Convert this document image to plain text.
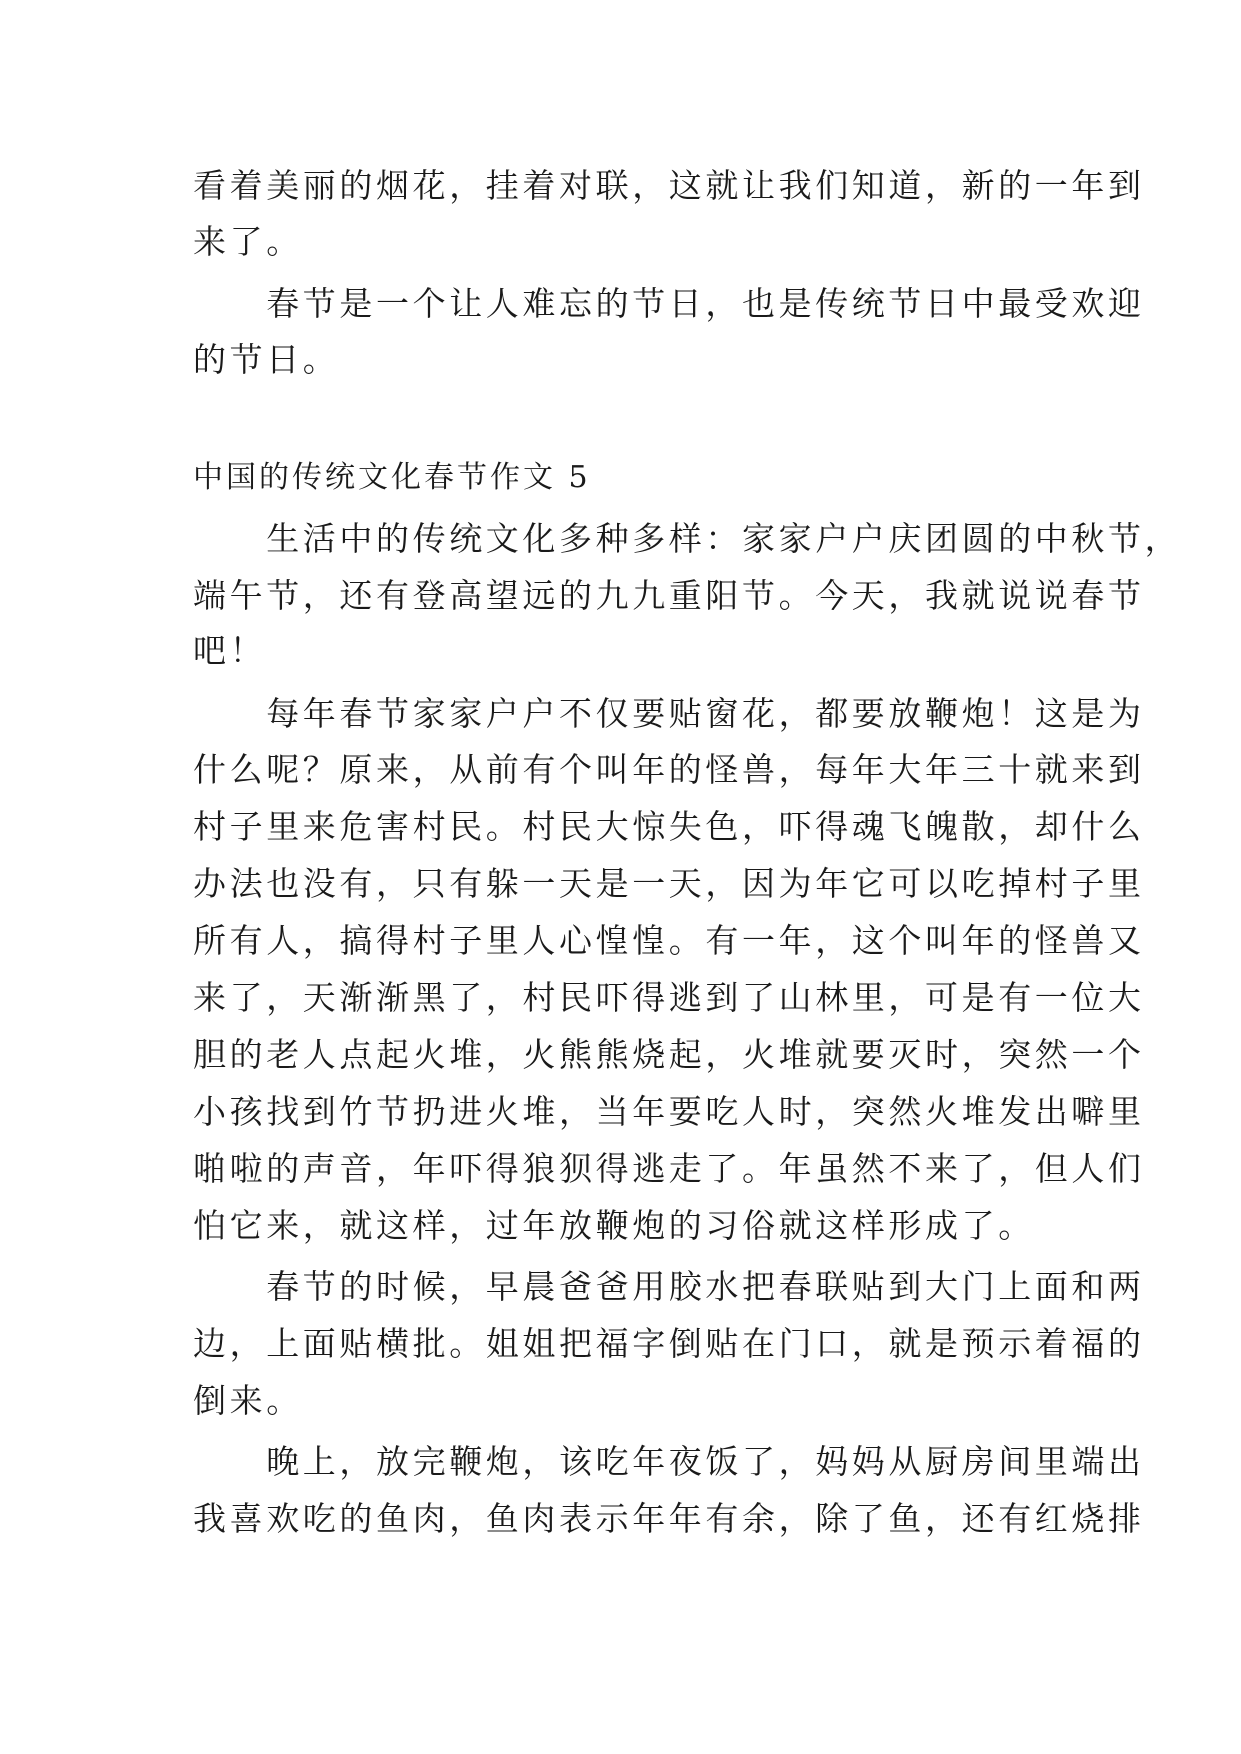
看着美丽的烟花，挂着对联，这就让我们知道，新的一年到
来了。
　　春节是一个让人难忘的节日，也是传统节日中最受欢迎
的节日。
中国的传统文化春节作文 5
　　生活中的传统文化多种多样：家家户户庆团圆的中秋节，
端午节，还有登高望远的九九重阳节。今天，我就说说春节
吧！
　　每年春节家家户户不仅要贴窗花，都要放鞭炮！这是为
什么呢？原来，从前有个叫年的怪兽，每年大年三十就来到
村子里来危害村民。村民大惊失色，吓得魂飞魄散，却什么
办法也没有，只有躲一天是一天，因为年它可以吃掉村子里
所有人，搞得村子里人心惶惶。有一年，这个叫年的怪兽又
来了，天渐渐黑了，村民吓得逃到了山林里，可是有一位大
胆的老人点起火堆，火熊熊烧起，火堆就要灭时，突然一个
小孩找到竹节扔进火堆，当年要吃人时，突然火堆发出噼里
啪啦的声音，年吓得狼狈得逃走了。年虽然不来了，但人们
怕它来，就这样，过年放鞭炮的习俗就这样形成了。
　　春节的时候，早晨爸爸用胶水把春联贴到大门上面和两
边，上面贴横批。姐姐把福字倒贴在门口，就是预示着福的
倒来。
　　晚上，放完鞭炮，该吃年夜饭了，妈妈从厨房间里端出
我喜欢吃的鱼肉，鱼肉表示年年有余，除了鱼，还有红烧排
